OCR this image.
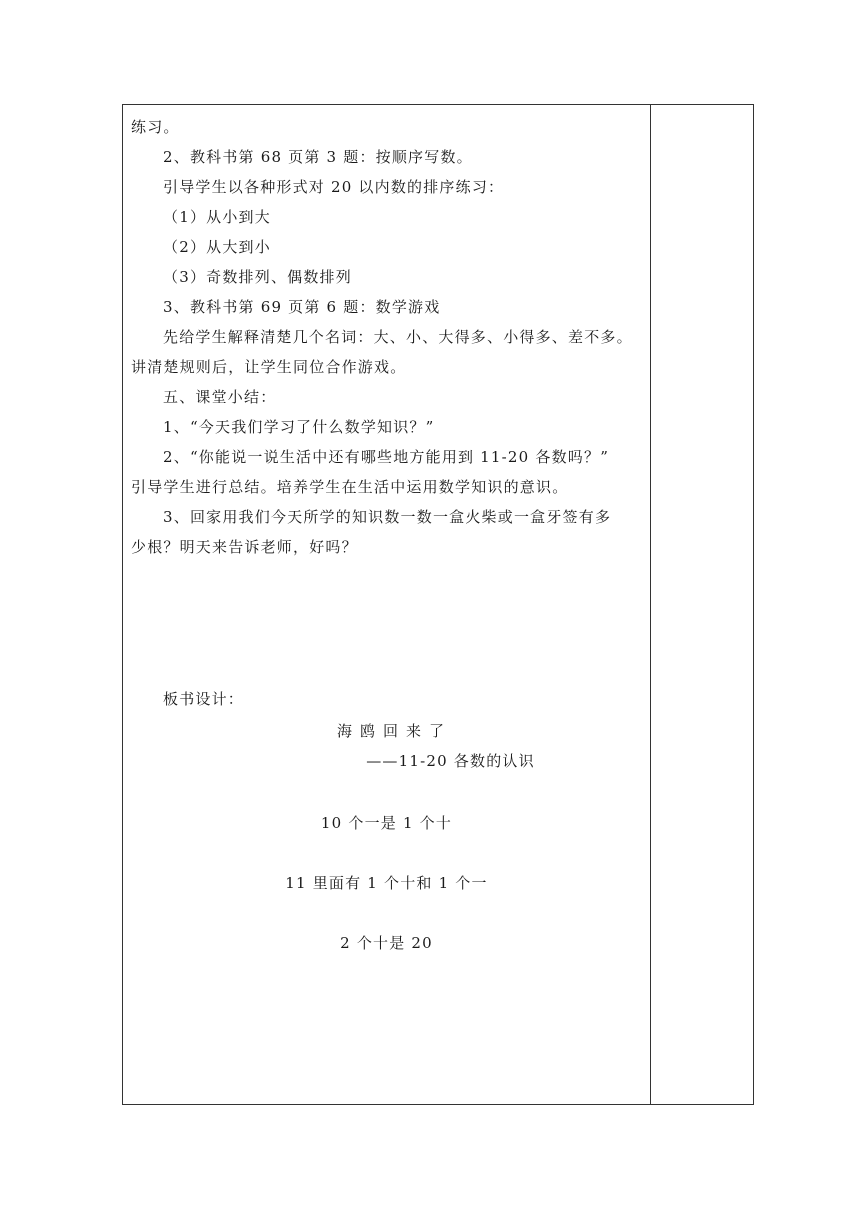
练习。
2、教科书第 68 页第 3 题：按顺序写数。
引导学生以各种形式对 20 以内数的排序练习：
（1）从小到大
（2）从大到小
（3）奇数排列、偶数排列
3、教科书第 69 页第 6 题：数学游戏
先给学生解释清楚几个名词：大、小、大得多、小得多、差不多。
讲清楚规则后，让学生同位合作游戏。
五、课堂小结：
1、“今天我们学习了什么数学知识？”
2、“你能说一说生活中还有哪些地方能用到 11-20 各数吗？”
引导学生进行总结。培养学生在生活中运用数学知识的意识。
3、回家用我们今天所学的知识数一数一盒火柴或一盒牙签有多
少根？明天来告诉老师，好吗？
板书设计：
海鸥回来了
——11-20 各数的认识
10 个一是 1 个十
11 里面有 1 个十和 1 个一
2 个十是 20
